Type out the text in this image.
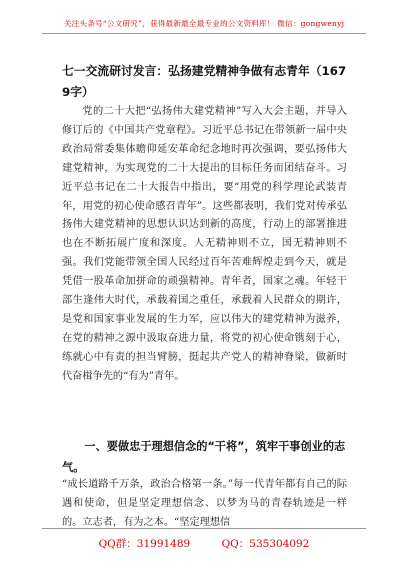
关注头条号“公文研究”，获得最新最全最专业的公文资料库！ 微信：gongwenyj
七一交流研讨发言：弘扬建党精神争做有志青年（1679字）

党的二十大把“弘扬伟大建党精神”写入大会主题，并导入修订后的《中国共产党章程》。习近平总书记在带领新一届中央政治局常委集体瞻仰延安革命纪念地时再次强调，要弘扬伟大建党精神，为实现党的二十大提出的目标任务而团结奋斗。习近平总书记在二十大报告中指出，要“用党的科学理论武装青年，用党的初心使命感召青年”。这些都表明，我们党对传承弘扬伟大建党精神的思想认识达到新的高度，行动上的部署推进也在不断拓展广度和深度。人无精神则不立，国无精神则不强。我们党能带领全国人民经过百年苦难辉煌走到今天，就是凭借一股革命加拼命的顽强精神。青年者，国家之魂。年轻干部生逢伟大时代，承载着国之重任，承载着人民群众的期许，是党和国家事业发展的生力军，应以伟大的建党精神为滋养，在党的精神之源中汲取奋进力量，将党的初心使命镌刻于心，练就心中有责的担当臂膀，挺起共产党人的精神脊梁，做新时代奋楫争先的“有为”青年。

一、要做忠于理想信念的“干将”，筑牢干事创业的志气。

“成长道路千万条，政治合格第一条。”每一代青年都有自己的际遇和使命，但是坚定理想信念、以梦为马的青春轨迹是一样的。立志者，有为之本。“坚定理想信

QQ群：31991489	QQ：535304092
